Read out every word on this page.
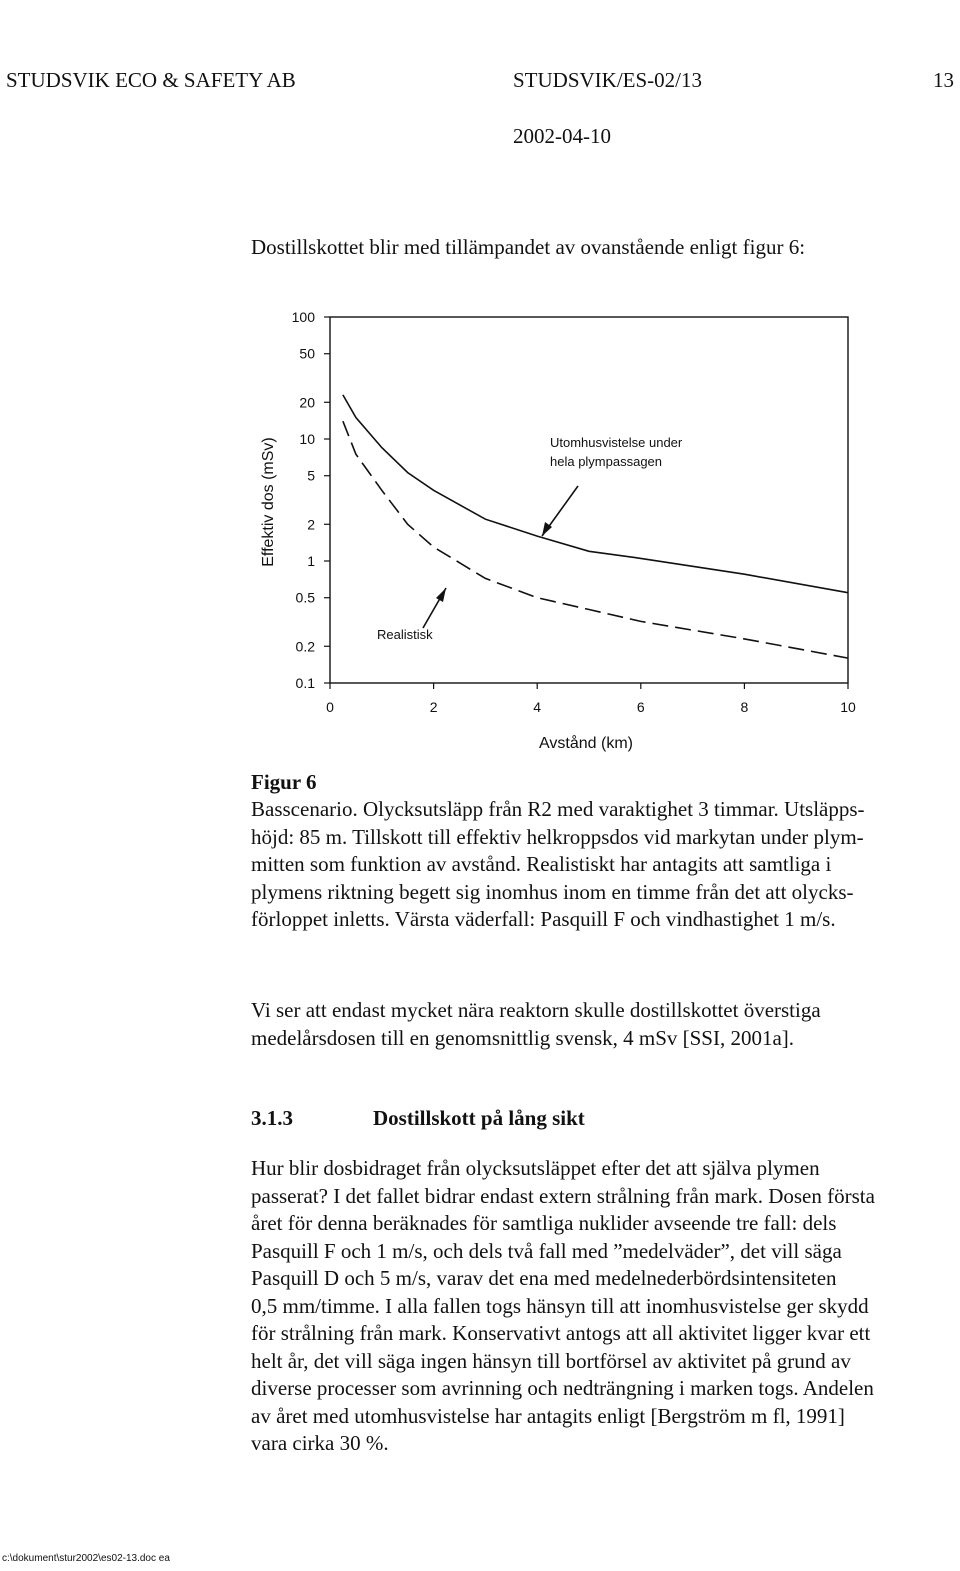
STUDSVIK ECO & SAFETY AB	STUDSVIK/ES-02/13	13
2002-04-10
Dostillskottet blir med tillämpandet av ovanstående enligt figur 6:
100
50
20
10
5
2
1
0.5
0.2
0.1
0	2	4	6	8	10
Effektiv dos (mSv)
Avstånd (km)
Utomhusvistelse under
hela plympassagen
Realistisk
Figur 6
Basscenario. Olycksutsläpp från R2 med varaktighet 3 timmar. Utsläpps-
höjd: 85 m. Tillskott till effektiv helkroppsdos vid markytan under plym-
mitten som funktion av avstånd. Realistiskt har antagits att samtliga i
plymens riktning begett sig inomhus inom en timme från det att olycks-
förloppet inletts. Värsta väderfall: Pasquill F och vindhastighet 1 m/s.
Vi ser att endast mycket nära reaktorn skulle dostillskottet överstiga
medelårsdosen till en genomsnittlig svensk, 4 mSv [SSI, 2001a].
3.1.3	Dostillskott på lång sikt
Hur blir dosbidraget från olycksutsläppet efter det att själva plymen
passerat? I det fallet bidrar endast extern strålning från mark. Dosen första
året för denna beräknades för samtliga nuklider avseende tre fall: dels
Pasquill F och 1 m/s, och dels två fall med ”medelväder”, det vill säga
Pasquill D och 5 m/s, varav det ena med medelnederbördsintensiteten
0,5 mm/timme. I alla fallen togs hänsyn till att inomhusvistelse ger skydd
för strålning från mark. Konservativt antogs att all aktivitet ligger kvar ett
helt år, det vill säga ingen hänsyn till bortförsel av aktivitet på grund av
diverse processer som avrinning och nedträngning i marken togs. Andelen
av året med utomhusvistelse har antagits enligt [Bergström m fl, 1991]
vara cirka 30 %.
c:\dokument\stur2002\es02-13.doc ea
